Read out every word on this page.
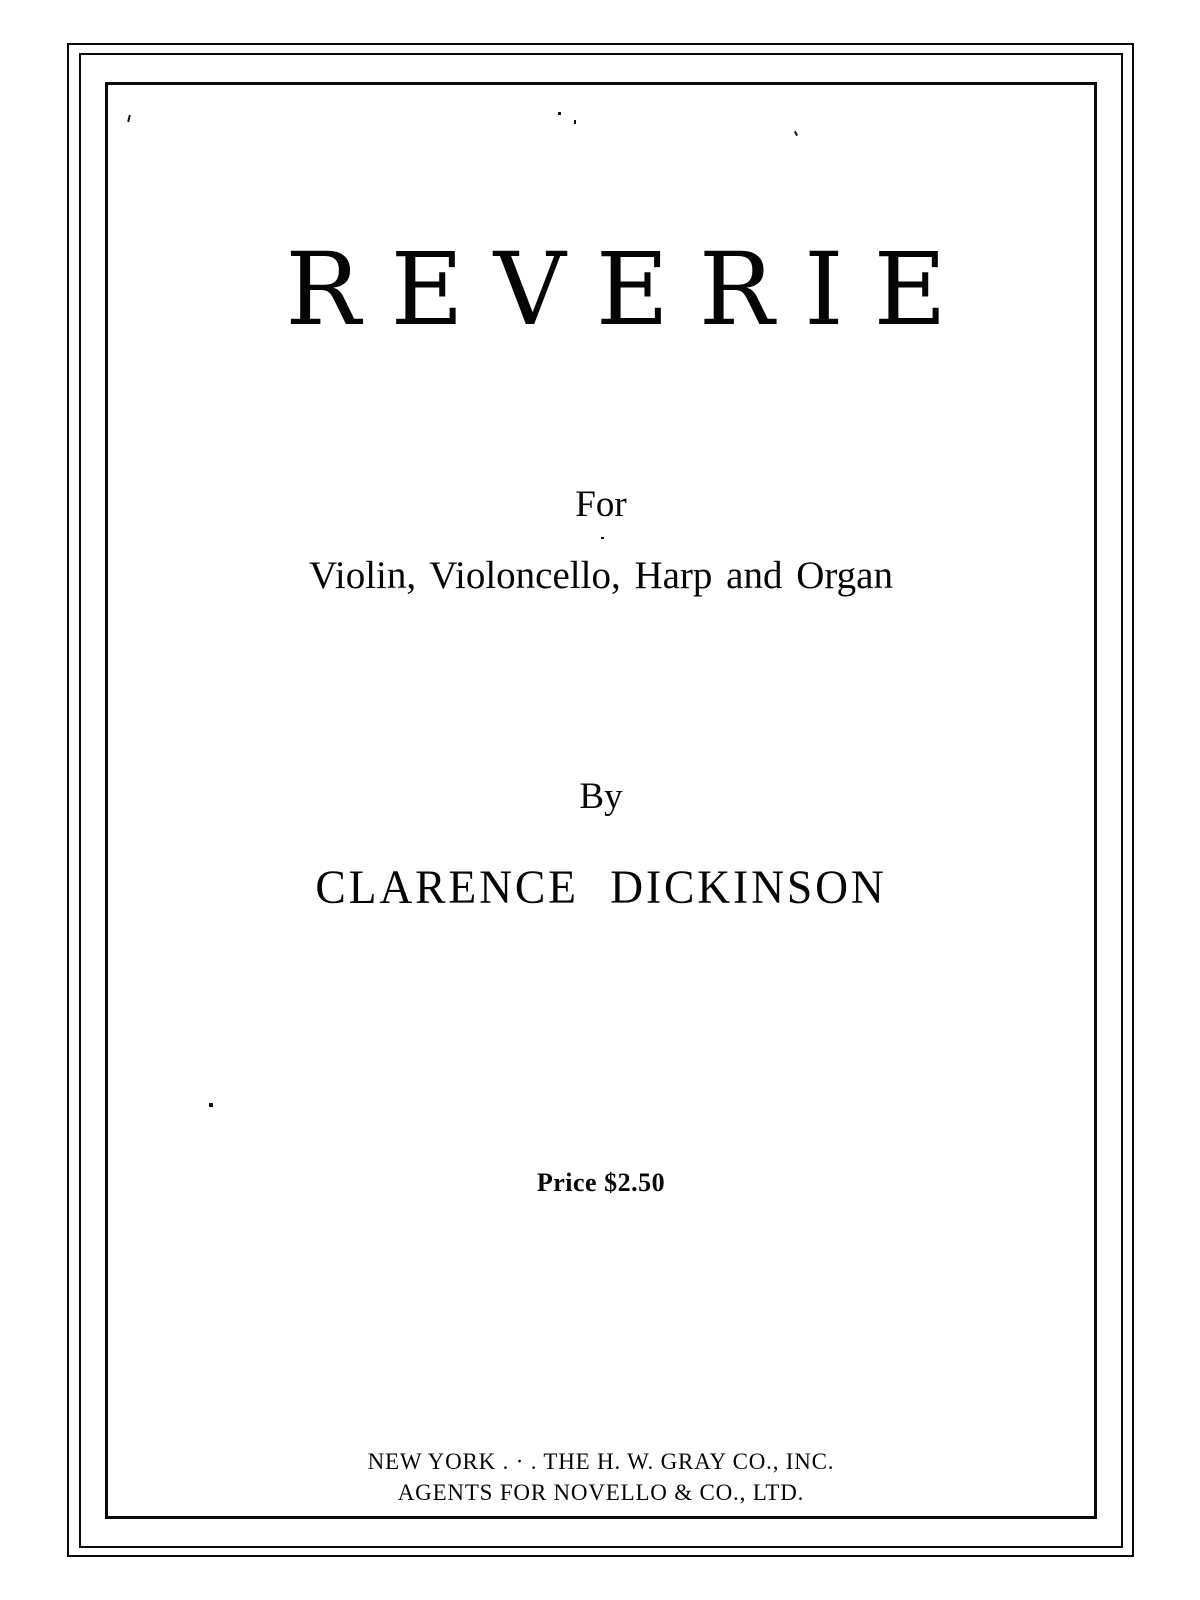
REVERIE
For
Violin, Violoncello, Harp and Organ
By
CLARENCE DICKINSON
Price $2.50
NEW YORK . · . THE H. W. GRAY CO., INC.
AGENTS FOR NOVELLO & CO., LTD.
